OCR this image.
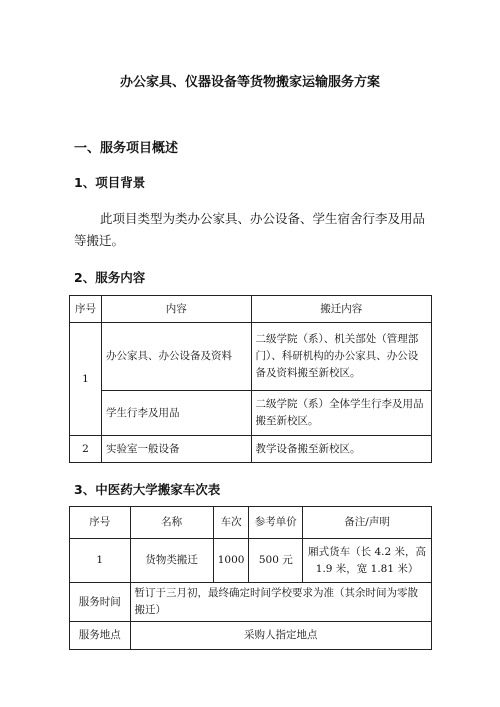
办公家具、仪器设备等货物搬家运输服务方案
一、服务项目概述
1、项目背景
此项目类型为类办公家具、办公设备、学生宿舍行李及用品等搬迁。
2、服务内容
序号	内容	搬迁内容
1	办公家具、办公设备及资料	二级学院（系）、机关部处（管理部门）、科研机构的办公家具、办公设备及资料搬至新校区。
	学生行李及用品	二级学院（系）全体学生行李及用品搬至新校区。
2	实验室一般设备	教学设备搬至新校区。
3、中医药大学搬家车次表
序号	名称	车次	参考单价	备注/声明
1	货物类搬迁	1000	500 元	厢式货车（长 4.2 米，高 1.9 米，宽 1.81 米）
服务时间	暂订于三月初，最终确定时间学校要求为准（其余时间为零散搬迁）			
服务地点	采购人指定地点			
